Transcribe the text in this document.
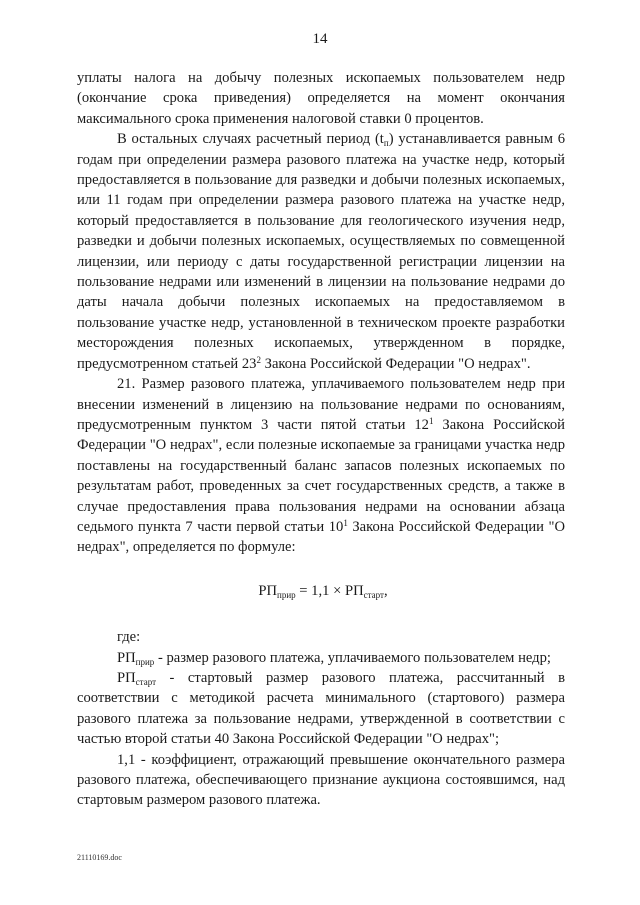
14

уплаты налога на добычу полезных ископаемых пользователем недр (окончание срока приведения) определяется на момент окончания максимального срока применения налоговой ставки 0 процентов.

В остальных случаях расчетный период $(t_п)$ устанавливается равным 6 годам при определении размера разового платежа на участке недр, который предоставляется в пользование для разведки и добычи полезных ископаемых, или 11 годам при определении размера разового платежа на участке недр, который предоставляется в пользование для геологического изучения недр, разведки и добычи полезных ископаемых, осуществляемых по совмещенной лицензии, или периоду с даты государственной регистрации лицензии на пользование недрами или изменений в лицензии на пользование недрами до даты начала добычи полезных ископаемых на предоставляемом в пользование участке недр, установленной в техническом проекте разработки месторождения полезных ископаемых, утвержденном в порядке, предусмотренном статьей $23^2$ Закона Российской Федерации "О недрах".

21. Размер разового платежа, уплачиваемого пользователем недр при внесении изменений в лицензию на пользование недрами по основаниям, предусмотренным пунктом 3 части пятой статьи $12^1$ Закона Российской Федерации "О недрах", если полезные ископаемые за границами участка недр поставлены на государственный баланс запасов полезных ископаемых по результатам работ, проведенных за счет государственных средств, а также в случае предоставления права пользования недрами на основании абзаца седьмого пункта 7 части первой статьи $10^1$ Закона Российской Федерации "О недрах", определяется по формуле:

$РП_{прир} = 1,1 \times РП_{старт}$,

где:

$РП_{прир}$ - размер разового платежа, уплачиваемого пользователем недр;

$РП_{старт}$ - стартовый размер разового платежа, рассчитанный в соответствии с методикой расчета минимального (стартового) размера разового платежа за пользование недрами, утвержденной в соответствии с частью второй статьи 40 Закона Российской Федерации "О недрах";

1,1 - коэффициент, отражающий превышение окончательного размера разового платежа, обеспечивающего признание аукциона состоявшимся, над стартовым размером разового платежа.

21110169.doc
